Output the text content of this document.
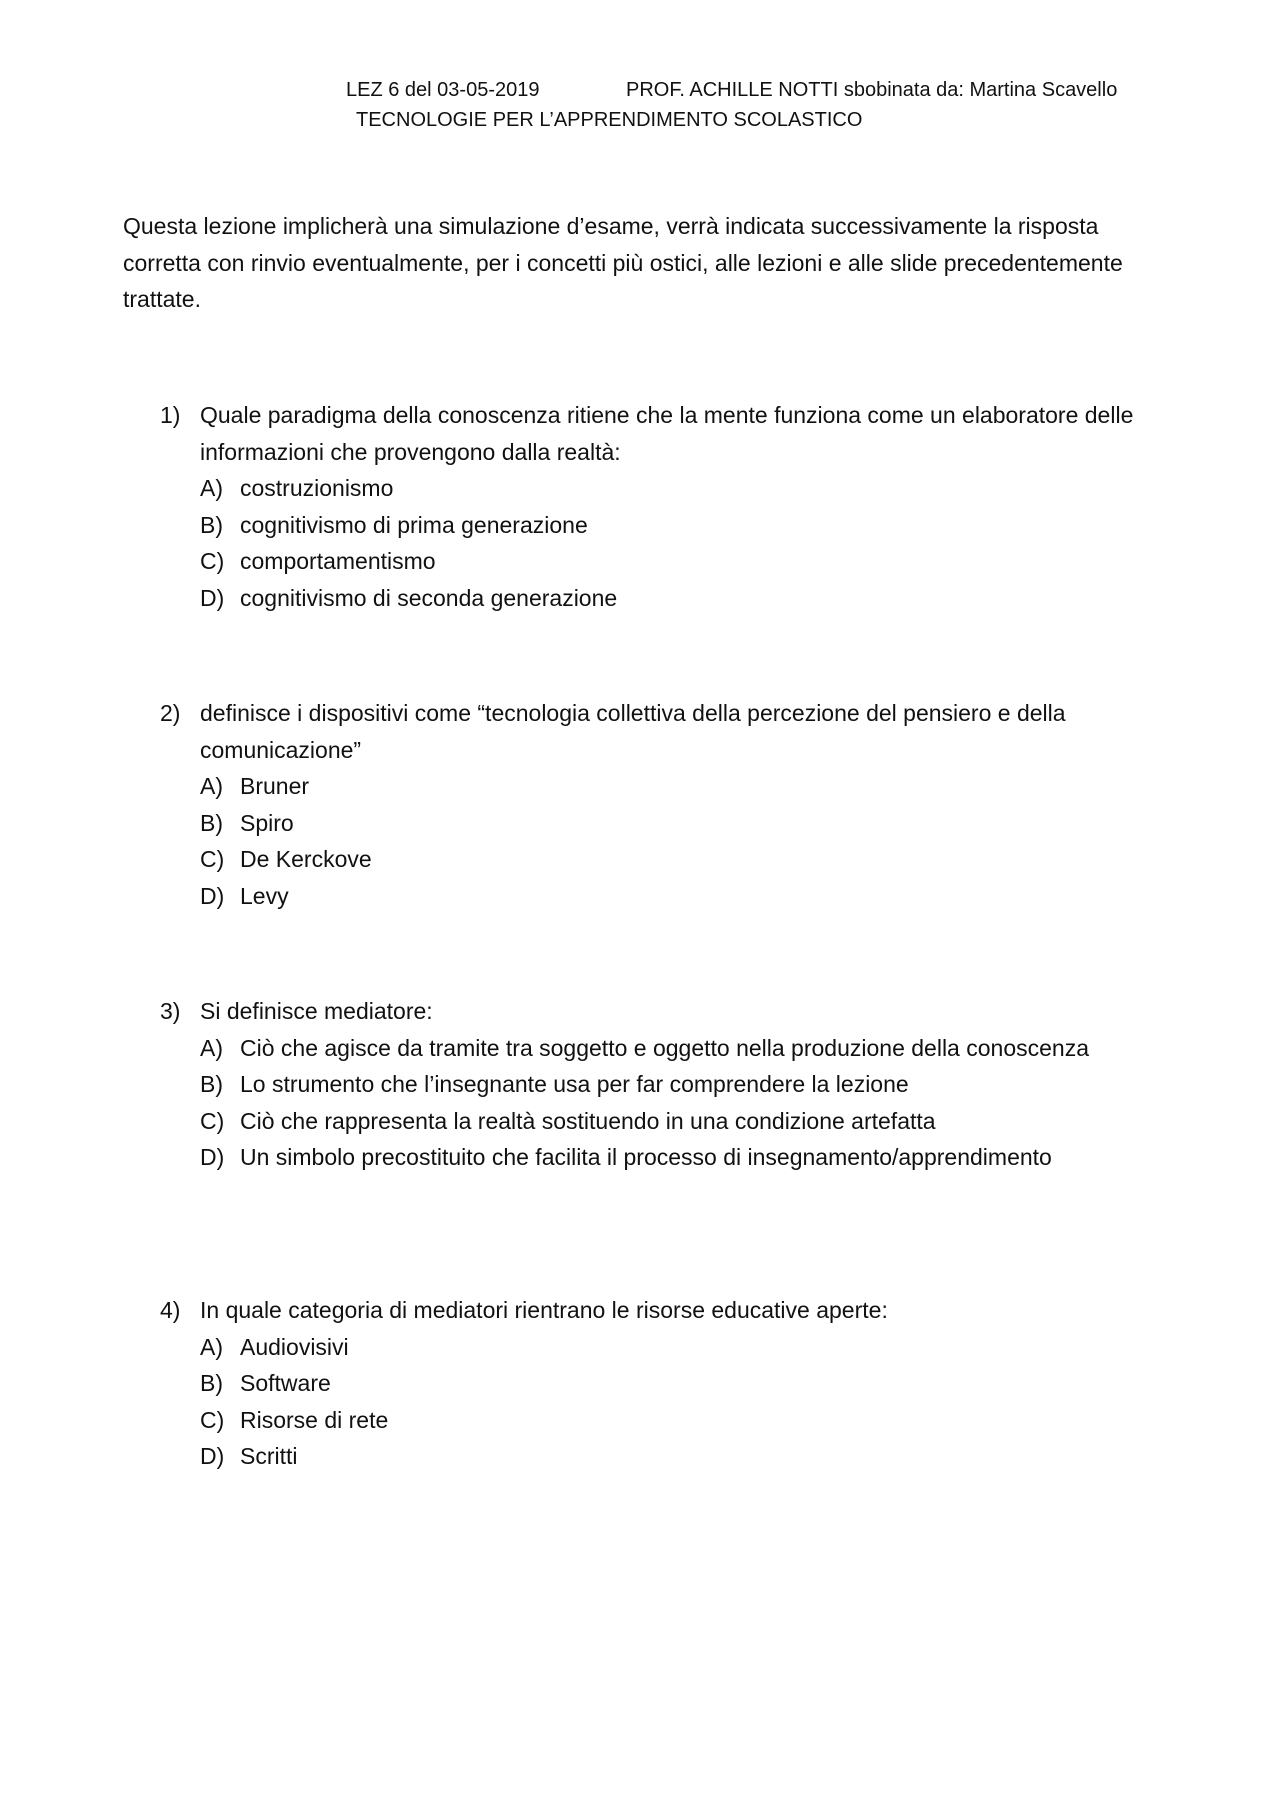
LEZ 6 del 03-05-2019	PROF. ACHILLE NOTTI sbobinata da: Martina Scavello
TECNOLOGIE PER L’APPRENDIMENTO SCOLASTICO

Questa lezione implicherà una simulazione d’esame, verrà indicata successivamente la risposta corretta con rinvio eventualmente, per i concetti più ostici, alle lezioni e alle slide precedentemente trattate.

1) Quale paradigma della conoscenza ritiene che la mente funziona come un elaboratore delle informazioni che provengono dalla realtà:
A) costruzionismo
B) cognitivismo di prima generazione
C) comportamentismo
D) cognitivismo di seconda generazione
2) definisce i dispositivi come “tecnologia collettiva della percezione del pensiero e della comunicazione”
A) Bruner
B) Spiro
C) De Kerckove
D) Levy
3) Si definisce mediatore:
A) Ciò che agisce da tramite tra soggetto e oggetto nella produzione della conoscenza
B) Lo strumento che l’insegnante usa per far comprendere la lezione
C) Ciò che rappresenta la realtà sostituendo in una condizione artefatta
D) Un simbolo precostituito che facilita il processo di insegnamento/apprendimento
4) In quale categoria di mediatori rientrano le risorse educative aperte:
A) Audiovisivi
B) Software
C) Risorse di rete
D) Scritti
